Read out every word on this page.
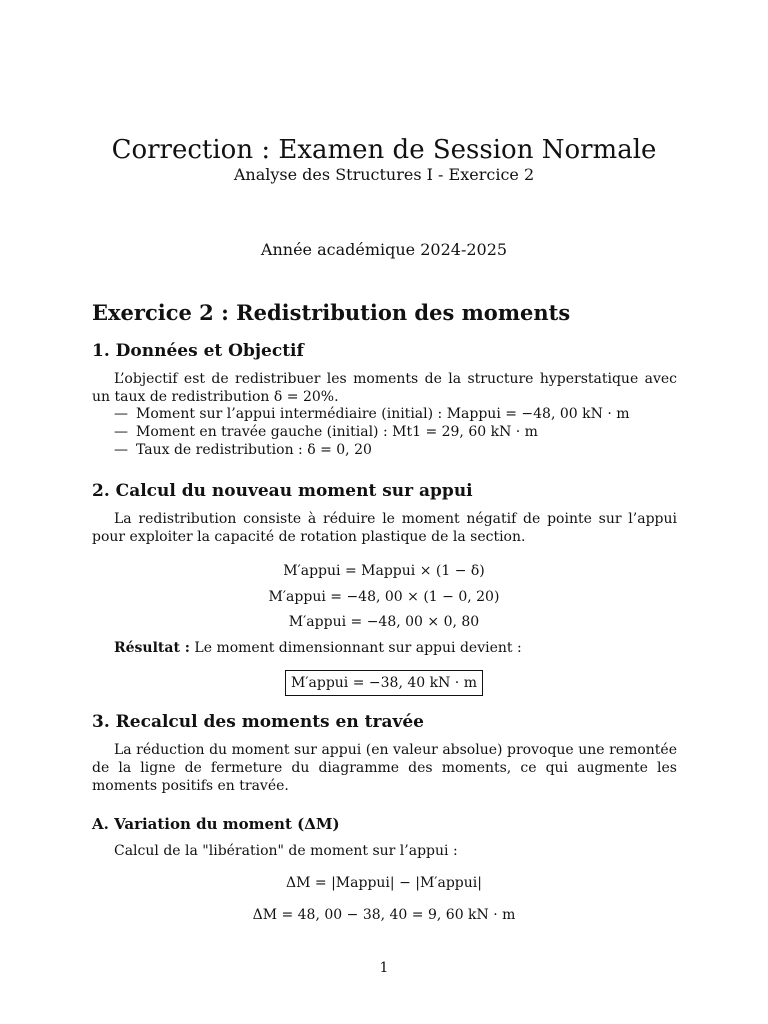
Correction : Examen de Session Normale
Analyse des Structures I - Exercice 2
Année académique 2024-2025
Exercice 2 : Redistribution des moments
1. Données et Objectif
L’objectif est de redistribuer les moments de la structure hyperstatique avec un taux de redistribution δ = 20%.
— Moment sur l’appui intermédiaire (initial) : Mappui = −48, 00 kN · m
— Moment en travée gauche (initial) : Mt1 = 29, 60 kN · m
— Taux de redistribution : δ = 0, 20
2. Calcul du nouveau moment sur appui
La redistribution consiste à réduire le moment négatif de pointe sur l’appui pour exploiter la capacité de rotation plastique de la section.
M′appui = Mappui × (1 − δ)
M′appui = −48, 00 × (1 − 0, 20)
M′appui = −48, 00 × 0, 80
Résultat : Le moment dimensionnant sur appui devient :
M′appui = −38, 40 kN · m
3. Recalcul des moments en travée
La réduction du moment sur appui (en valeur absolue) provoque une remontée de la ligne de fermeture du diagramme des moments, ce qui augmente les moments positifs en travée.
A. Variation du moment (ΔM)
Calcul de la "libération" de moment sur l’appui :
ΔM = |Mappui| − |M′appui|
ΔM = 48, 00 − 38, 40 = 9, 60 kN · m
1
